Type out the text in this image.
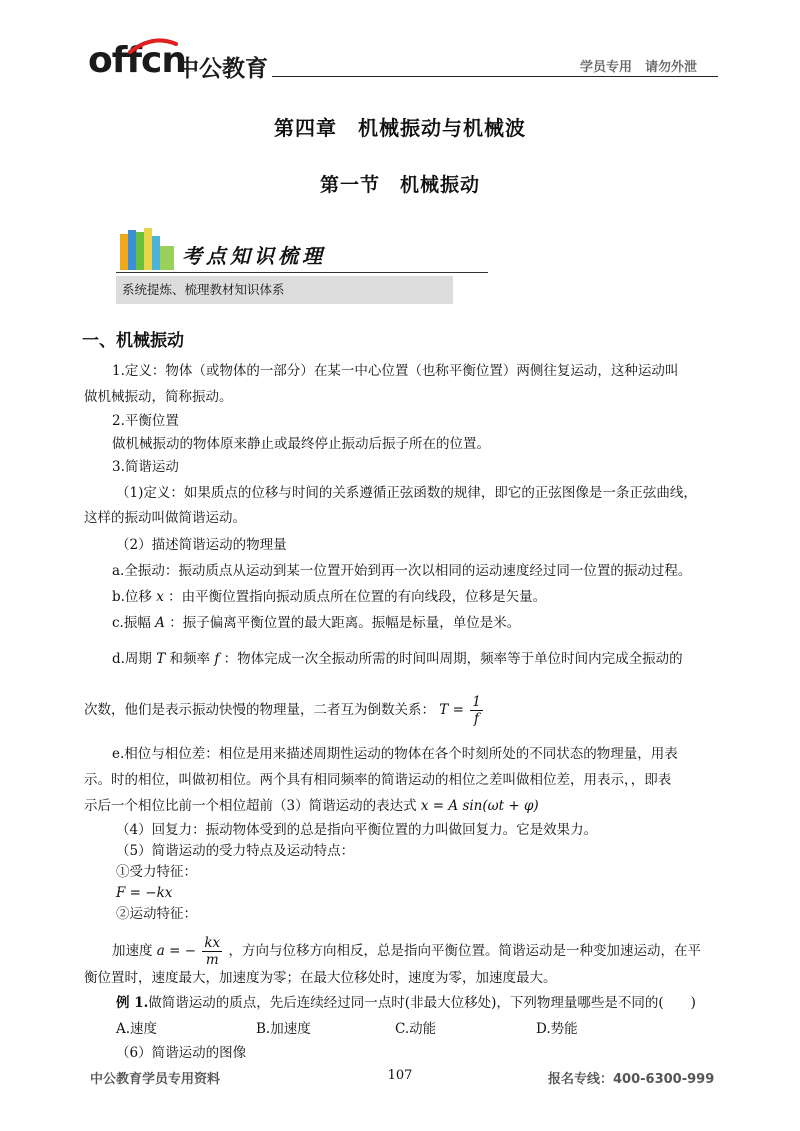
offcn
中公教育	学员专用　请勿外泄
第四章　机械振动与机械波
第一节　机械振动
考点知识梳理
系统提炼、梳理教材知识体系
一、机械振动
1.定义：物体（或物体的一部分）在某一中心位置（也称平衡位置）两侧往复运动，这种运动叫
做机械振动，简称振动。
2.平衡位置
做机械振动的物体原来静止或最终停止振动后振子所在的位置。
3.简谐运动
（1)定义：如果质点的位移与时间的关系遵循正弦函数的规律，即它的正弦图像是一条正弦曲线，
这样的振动叫做简谐运动。
（2）描述简谐运动的物理量
a.全振动：振动质点从运动到某一位置开始到再一次以相同的运动速度经过同一位置的振动过程。
b.位移 x ：由平衡位置指向振动质点所在位置的有向线段，位移是矢量。
c.振幅 A ：振子偏离平衡位置的最大距离。振幅是标量，单位是米。
d.周期 T 和频率 f ：物体完成一次全振动所需的时间叫周期，频率等于单位时间内完成全振动的
次数，他们是表示振动快慢的物理量，二者互为倒数关系： $T = \frac{1}{f}$
e.相位与相位差：相位是用来描述周期性运动的物体在各个时刻所处的不同状态的物理量，用表
示。时的相位，叫做初相位。两个具有相同频率的简谐运动的相位之差叫做相位差，用表示，，即表
示后一个相位比前一个相位超前（3）简谐运动的表达式 x = A sin(ωt + φ)
（4）回复力：振动物体受到的总是指向平衡位置的力叫做回复力。它是效果力。
（5）简谐运动的受力特点及运动特点：
①受力特征：
F = −kx
②运动特征：
加速度 a = − $\frac{kx}{m}$ ，方向与位移方向相反，总是指向平衡位置。简谐运动是一种变加速运动，在平
衡位置时，速度最大，加速度为零；在最大位移处时，速度为零，加速度最大。
例 1.做简谐运动的质点，先后连续经过同一点时(非最大位移处)，下列物理量哪些是不同的(　　)
A.速度	B.加速度	C.动能	D.势能
（6）简谐运动的图像
中公教育学员专用资料	107	报名专线：400-6300-999
